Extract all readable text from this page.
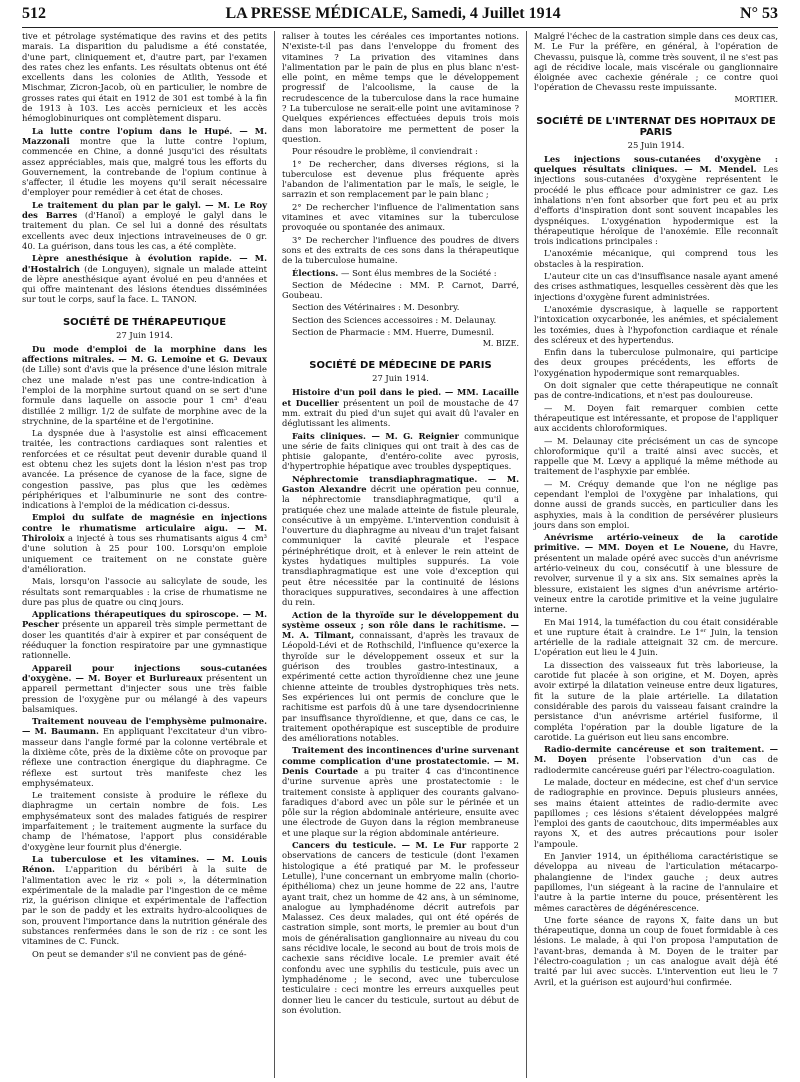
512	LA PRESSE MÉDICALE, Samedi, 4 Juillet 1914	N° 53

tive et pétrolage systématique des ravins et des petits marais. La disparition du paludisme a été constatée, d'une part, cliniquement et, d'autre part, par l'examen des rates chez les enfants. Les résultats obtenus ont été excellents dans les colonies de Atlith, Yessode et Mischmar, Zicron-Jacob, où en particulier, le nombre de grosses rates qui était en 1912 de 301 est tombé à la fin de 1913 à 103. Les accès pernicieux et les accès hémoglobinuriques ont complètement disparu.

La lutte contre l'opium dans le Hupé. — M. Mazzonali montre que la lutte contre l'opium, commencée en Chine, a donné jusqu'ici des résultats assez appréciables, mais que, malgré tous les efforts du Gouvernement, la contrebande de l'opium continue à s'affecter, il étudie les moyens qu'il serait nécessaire d'employer pour remédier à cet état de choses.

Le traitement du plan par le galyl. — M. Le Roy des Barres (d'Hanoï) a employé le galyl dans le traitement du plan. Ce sel lui a donné des résultats excellents avec deux injections intraveineuses de 0 gr. 40. La guérison, dans tous les cas, a été complète.

Lèpre anesthésique à évolution rapide. — M. d'Hostalrich (de Longuyen), signale un malade atteint de lèpre anesthésique ayant évolué en peu d'années et qui offre maintenant des lésions étendues disséminées sur tout le corps, sauf la face. L. TANON.

SOCIÉTÉ DE THÉRAPEUTIQUE
27 Juin 1914.

Du mode d'emploi de la morphine dans les affections mitrales. — M. G. Lemoine et G. Devaux (de Lille) sont d'avis que la présence d'une lésion mitrale chez une malade n'est pas une contre-indication à l'emploi de la morphine surtout quand on se sert d'une formule dans laquelle on associe pour 1 cm³ d'eau distillée 2 milligr. 1/2 de sulfate de morphine avec de la strychnine, de la spartéine et de l'ergotinine.

La dyspnée due à l'asystolie est ainsi efficacement traitée, les contractions cardiaques sont ralenties et renforcées et ce résultat peut devenir durable quand il est obtenu chez les sujets dont la lésion n'est pas trop avancée. La présence de cyanose de la face, signe de congestion passive, pas plus que les œdèmes périphériques et l'albuminurie ne sont des contre-indications à l'emploi de la médication ci-dessus.

Emploi du sulfate de magnésie en injections contre le rhumatisme articulaire aigu. — M. Thiroloix a injecté à tous ses rhumatisants aigus 4 cm³ d'une solution à 25 pour 100. Lorsqu'on emploie uniquement ce traitement on ne constate guère d'amélioration.

Mais, lorsqu'on l'associe au salicylate de soude, les résultats sont remarquables : la crise de rhumatisme ne dure pas plus de quatre ou cinq jours.

Applications thérapeutiques du spiroscope. — M. Pescher présente un appareil très simple permettant de doser les quantités d'air à expirer et par conséquent de rééduquer la fonction respiratoire par une gymnastique rationnelle.

Appareil pour injections sous-cutanées d'oxygène. — M. Boyer et Burlureaux présentent un appareil permettant d'injecter sous une très faible pression de l'oxygène pur ou mélangé à des vapeurs balsamiques.

Traitement nouveau de l'emphysème pulmonaire. — M. Baumann. En appliquant l'excitateur d'un vibro-masseur dans l'angle formé par la colonne vertébrale et la dixième côte, près de la dixième côte on provoque par réflexe une contraction énergique du diaphragme. Ce réflexe est surtout très manifeste chez les emphysémateux.

Le traitement consiste à produire le réflexe du diaphragme un certain nombre de fois. Les emphysémateux sont des malades fatigués de respirer imparfaitement ; le traitement augmente la surface du champ de l'hématose, l'apport plus considérable d'oxygène leur fournit plus d'énergie.

La tuberculose et les vitamines. — M. Louis Rénon. L'apparition du béribéri à la suite de l'alimentation avec le riz « poli », la détermination expérimentale de la maladie par l'ingestion de ce même riz, la guérison clinique et expérimentale de l'affection par le son de paddy et les extraits hydro-alcooliques de son, prouvent l'importance dans la nutrition générale des substances renfermées dans le son de riz : ce sont les vitamines de C. Funck.

On peut se demander s'il ne convient pas de géné-

raliser à toutes les céréales ces importantes notions. N'existe-t-il pas dans l'enveloppe du froment des vitamines ? La privation des vitamines dans l'alimentation par le pain de plus en plus blanc n'est-elle point, en même temps que le développement progressif de l'alcoolisme, la cause de la recrudescence de la tuberculose dans la race humaine ? La tuberculose ne serait-elle point une avitaminose ? Quelques expériences effectuées depuis trois mois dans mon laboratoire me permettent de poser la question.

Pour résoudre le problème, il conviendrait :

1° De rechercher, dans diverses régions, si la tuberculose est devenue plus fréquente après l'abandon de l'alimentation par le maïs, le seigle, le sarrazin et son remplacement par le pain blanc ;

2° De rechercher l'influence de l'alimentation sans vitamines et avec vitamines sur la tuberculose provoquée ou spontanée des animaux.

3° De rechercher l'influence des poudres de divers sons et des extraits de ces sons dans la thérapeutique de la tuberculose humaine.

Élections. — Sont élus membres de la Société :

Section de Médecine : MM. P. Carnot, Darré, Goubeau.

Section des Vétérinaires : M. Desonbry.

Section des Sciences accessoires : M. Delaunay.

Section de Pharmacie : MM. Huerre, Dumesnil.

M. BIZE.
SOCIÉTÉ DE MÉDECINE DE PARIS
27 Juin 1914.

Histoire d'un poil dans le pied. — MM. Lacaille et Ducellier présentent un poil de moustache de 47 mm. extrait du pied d'un sujet qui avait dû l'avaler en déglutissant les aliments.

Faits cliniques. — M. G. Reignier communique une série de faits cliniques qui ont trait à des cas de phtisie galopante, d'entéro-colite avec pyrosis, d'hypertrophie hépatique avec troubles dyspeptiques.

Néphrectomie transdiaphragmatique. — M. Gaston Alexandre décrit une opération peu connue, la néphrectomie transdiaphragmatique, qu'il a pratiquée chez une malade atteinte de fistule pleurale, consécutive à un empyème. L'intervention conduisit à l'ouverture du diaphragme au niveau d'un trajet faisant communiquer la cavité pleurale et l'espace périnéphrétique droit, et à enlever le rein atteint de kystes hydatiques multiples suppurés. La voie transdiaphragmatique est une voie d'exception qui peut être nécessitée par la continuité de lésions thoraciques suppuratives, secondaires à une affection du rein.

Action de la thyroïde sur le développement du système osseux ; son rôle dans le rachitisme. — M. A. Tilmant, connaissant, d'après les travaux de Léopold-Lévi et de Rothschild, l'influence qu'exerce la thyroïde sur le développement osseux et sur la guérison des troubles gastro-intestinaux, a expérimenté cette action thyroïdienne chez une jeune chienne atteinte de troubles dystrophiques très nets. Ses expériences lui ont permis de conclure que le rachitisme est parfois dû à une tare dysendocrinienne par insuffisance thyroïdienne, et que, dans ce cas, le traitement opothérapique est susceptible de produire des améliorations notables.

Traitement des incontinences d'urine survenant comme complication d'une prostatectomie. — M. Denis Courtade a pu traiter 4 cas d'incontinence d'urine survenue après une prostatectomie : le traitement consiste à appliquer des courants galvano-faradiques d'abord avec un pôle sur le périnée et un pôle sur la région abdominale antérieure, ensuite avec une électrode de Guyon dans la région membraneuse et une plaque sur la région abdominale antérieure.

Cancers du testicule. — M. Le Fur rapporte 2 observations de cancers de testicule (dont l'examen histologique a été pratiqué par M. le professeur Letulle), l'une concernant un embryome malin (chorio-épithélioma) chez un jeune homme de 22 ans, l'autre ayant trait, chez un homme de 42 ans, à un séminome, analogue au lymphadénome décrit autrefois par Malassez. Ces deux malades, qui ont été opérés de castration simple, sont morts, le premier au bout d'un mois de généralisation ganglionnaire au niveau du cou sans récidive locale, le second au bout de trois mois de cachexie sans récidive locale. Le premier avait été confondu avec une syphilis du testicule, puis avec un lymphadénome ; le second, avec une tuberculose testiculaire : ceci montre les erreurs auxquelles peut donner lieu le cancer du testicule, surtout au début de son évolution.

Malgré l'échec de la castration simple dans ces deux cas, M. Le Fur la préfère, en général, à l'opération de Chevassu, puisque là, comme très souvent, il ne s'est pas agi de récidive locale, mais viscérale ou ganglionnaire éloignée avec cachexie générale ; ce contre quoi l'opération de Chevassu reste impuissante.

MORTIER.
SOCIÉTÉ DE L'INTERNAT DES HOPITAUX DE PARIS
25 Juin 1914.

Les injections sous-cutanées d'oxygène : quelques résultats cliniques. — M. Mendel. Les injections sous-cutanées d'oxygène représentent le procédé le plus efficace pour administrer ce gaz. Les inhalations n'en font absorber que fort peu et au prix d'efforts d'inspiration dont sont souvent incapables les dyspnéiques. L'oxygénation hypodermique est la thérapeutique héroïque de l'anoxémie. Elle reconnaît trois indications principales :

L'anoxémie mécanique, qui comprend tous les obstacles à la respiration.

L'auteur cite un cas d'insuffisance nasale ayant amené des crises asthmatiques, lesquelles cessèrent dès que les injections d'oxygène furent administrées.

L'anoxémie dyscrasique, à laquelle se rapportent l'intoxication oxycarbonée, les anémies, et spécialement les toxémies, dues à l'hypofonction cardiaque et rénale des scléreux et des hypertendus.

Enfin dans la tuberculose pulmonaire, qui participe des deux groupes précédents, les efforts de l'oxygénation hypodermique sont remarquables.

On doit signaler que cette thérapeutique ne connaît pas de contre-indications, et n'est pas douloureuse.

— M. Doyen fait remarquer combien cette thérapeutique est intéressante, et propose de l'appliquer aux accidents chloroformiques.

— M. Delaunay cite précisément un cas de syncope chloroformique qu'il a traité ainsi avec succès, et rappelle que M. Lœvy a appliqué la même méthode au traitement de l'asphyxie par emblée.

— M. Créquy demande que l'on ne néglige pas cependant l'emploi de l'oxygène par inhalations, qui donne aussi de grands succès, en particulier dans les asphyxies, mais à la condition de persévérer plusieurs jours dans son emploi.

Anévrisme artério-veineux de la carotide primitive. — MM. Doyen et Le Nouene, du Havre, présentent un malade opéré avec succès d'un anévrisme artério-veineux du cou, consécutif à une blessure de revolver, survenue il y a six ans. Six semaines après la blessure, existaient les signes d'un anévrisme artério-veineux entre la carotide primitive et la veine jugulaire interne.

En Mai 1914, la tuméfaction du cou était considérable et une rupture était à craindre. Le 1ᵉʳ Juin, la tension artérielle de la radiale atteignait 32 cm. de mercure. L'opération eut lieu le 4 Juin.

La dissection des vaisseaux fut très laborieuse, la carotide fut placée à son origine, et M. Doyen, après avoir extirpé la dilatation veineuse entre deux ligatures, fit la suture de la plaie artérielle. La dilatation considérable des parois du vaisseau faisant craindre la persistance d'un anévrisme artériel fusiforme, il compléta l'opération par la double ligature de la carotide. La guérison eut lieu sans encombre.

Radio-dermite cancéreuse et son traitement. — M. Doyen présente l'observation d'un cas de radiodermite cancéreuse guéri par l'électro-coagulation.

Le malade, docteur en médecine, est chef d'un service de radiographie en province. Depuis plusieurs années, ses mains étaient atteintes de radio-dermite avec papillomes ; ces lésions s'étaient développées malgré l'emploi des gants de caoutchouc, dits imperméables aux rayons X, et des autres précautions pour isoler l'ampoule.

En Janvier 1914, un épithélioma caractéristique se développa au niveau de l'articulation métacarpo-phalangienne de l'index gauche ; deux autres papillomes, l'un siégeant à la racine de l'annulaire et l'autre à la partie interne du pouce, présentèrent les mêmes caractères de dégénérescence.

Une forte séance de rayons X, faite dans un but thérapeutique, donna un coup de fouet formidable à ces lésions. Le malade, à qui l'on proposa l'amputation de l'avant-bras, demanda à M. Doyen de le traiter par l'électro-coagulation ; un cas analogue avait déjà été traité par lui avec succès. L'intervention eut lieu le 7 Avril, et la guérison est aujourd'hui confirmée.
